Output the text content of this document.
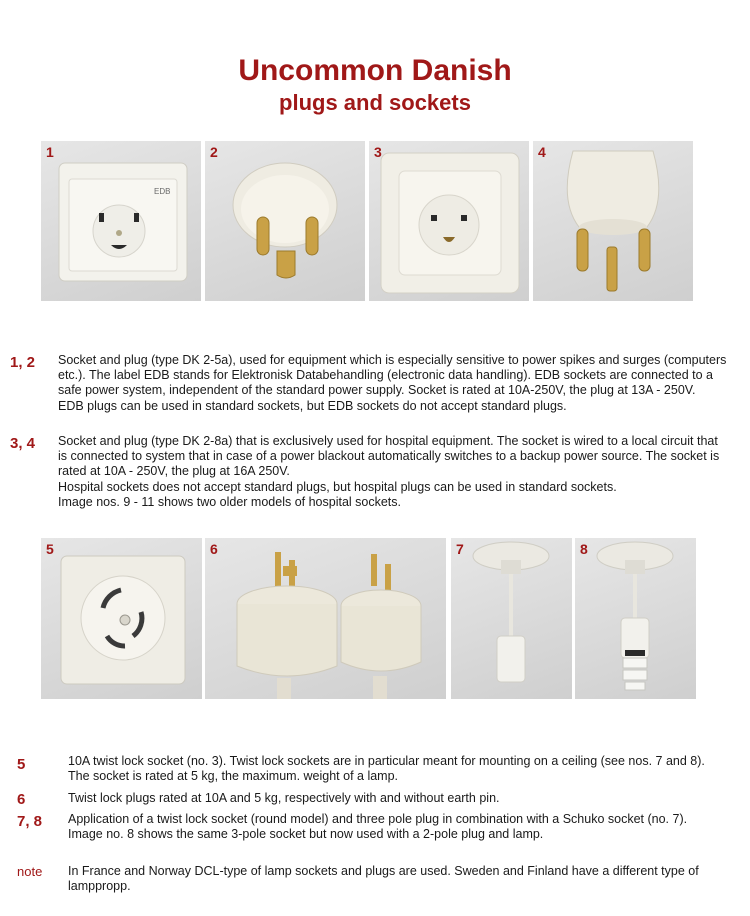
Uncommon Danish
plugs and sockets
1
EDB
2	3	4
1, 2 Socket and plug (type DK 2-5a), used for equipment which is especially sensitive to power spikes and surges (computers etc.). The label EDB stands for Elektronisk Databehandling (electronic data handling). EDB sockets are connected to a safe power system, independent of the standard power supply. Socket is rated at 10A-250V, the plug at 13A - 250V.

EDB plugs can be used in standard sockets, but EDB sockets do not accept standard plugs.

3, 4 Socket and plug (type DK 2-8a) that is exclusively used for hospital equipment. The socket is wired to a local circuit that is connected to system that in case of a power blackout automatically switches to a backup power source. The socket is rated at 10A - 250V, the plug at 16A 250V.

Hospital sockets does not accept standard plugs, but hospital plugs can be used in standard sockets.

Image nos. 9 - 11 shows two older models of hospital sockets.

5	6	7	8
5	10A twist lock socket (no. 3). Twist lock sockets are in particular meant for mounting on a ceiling (see nos. 7 and 8). The socket is rated at 5 kg, the maximum. weight of a lamp.

6	Twist lock plugs rated at 10A and 5 kg, respectively with and without earth pin.

7, 8 Application of a twist lock socket (round model) and three pole plug in combination with a Schuko socket (no. 7).

Image no. 8 shows the same 3-pole socket but now used with a 2-pole plug and lamp.

note In France and Norway DCL-type of lamp sockets and plugs are used. Sweden and Finland have a different type of lamppropp.
